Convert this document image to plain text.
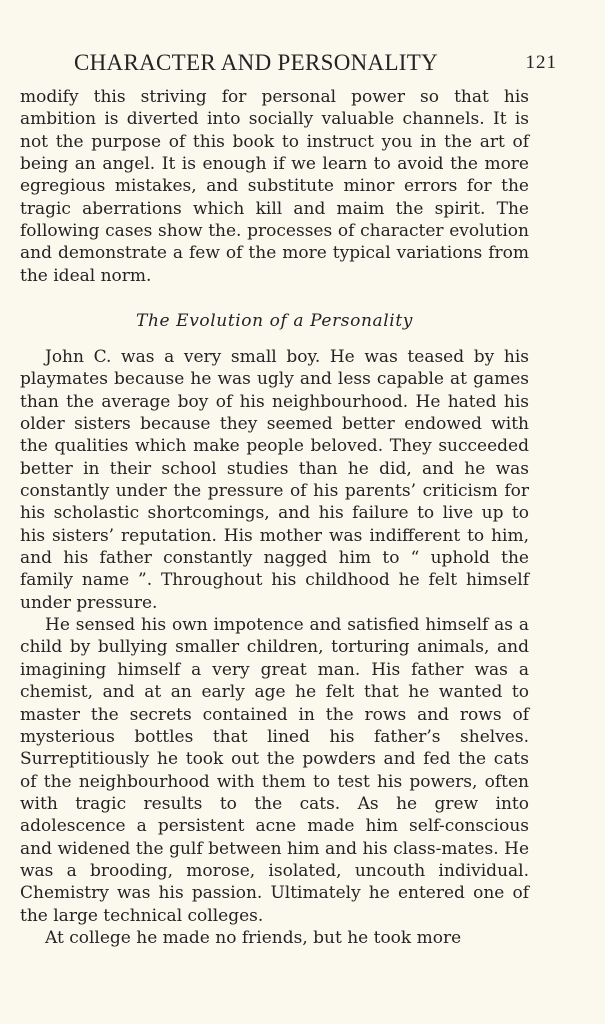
CHARACTER AND PERSONALITY	121

modify this striving for personal power so that his ambition is diverted into socially valuable channels. It is not the purpose of this book to instruct you in the art of being an angel. It is enough if we learn to avoid the more egregious mistakes, and substitute minor errors for the tragic aberrations which kill and maim the spirit. The following cases show the. processes of character evolution and demonstrate a few of the more typical variations from the ideal norm.

The Evolution of a Personality

John C. was a very small boy. He was teased by his playmates because he was ugly and less capable at games than the average boy of his neighbourhood. He hated his older sisters because they seemed better endowed with the qualities which make people beloved. They succeeded better in their school studies than he did, and he was constantly under the pressure of his parents’ criticism for his scholastic shortcomings, and his failure to live up to his sisters’ reputation. His mother was indifferent to him, and his father constantly nagged him to “ uphold the family name ”. Throughout his childhood he felt himself under pressure.

He sensed his own impotence and satisfied himself as a child by bullying smaller children, torturing animals, and imagining himself a very great man. His father was a chemist, and at an early age he felt that he wanted to master the secrets contained in the rows and rows of mysterious bottles that lined his father’s shelves. Surreptitiously he took out the powders and fed the cats of the neighbourhood with them to test his powers, often with tragic results to the cats. As he grew into adolescence a persistent acne made him self-conscious and widened the gulf between him and his class-mates. He was a brooding, morose, isolated, uncouth individual. Chemistry was his passion. Ultimately he entered one of the large technical colleges.

At college he made no friends, but he took more
